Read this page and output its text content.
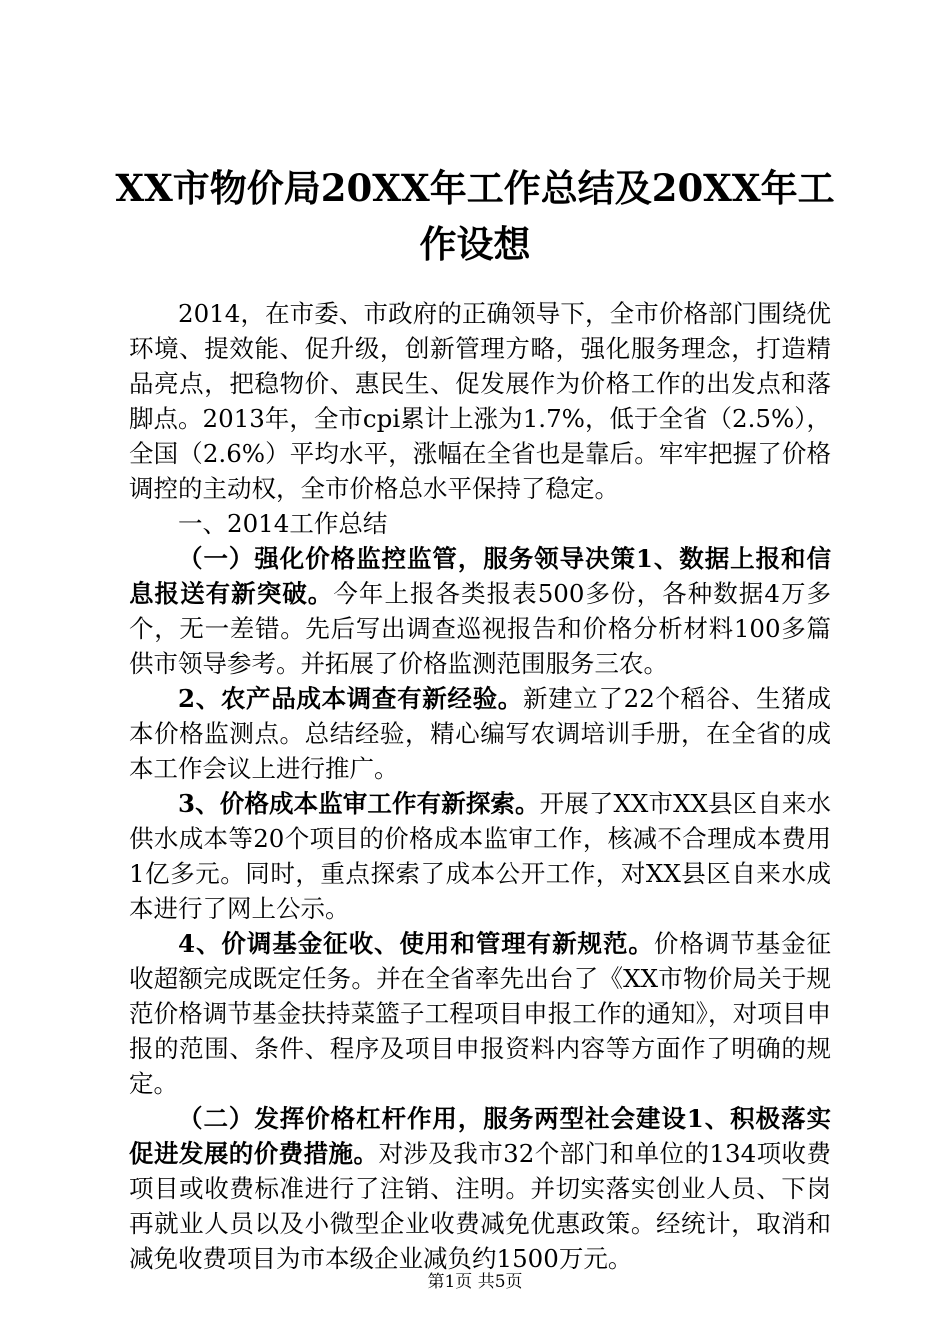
XX市物价局20XX年工作总结及20XX年工作设想

2014，在市委、市政府的正确领导下，全市价格部门围绕优环境、提效能、促升级，创新管理方略，强化服务理念，打造精品亮点，把稳物价、惠民生、促发展作为价格工作的出发点和落脚点。2013年，全市cpi累计上涨为1.7%，低于全省（2.5%），全国（2.6%）平均水平，涨幅在全省也是靠后。牢牢把握了价格调控的主动权，全市价格总水平保持了稳定。

一、2014工作总结

（一）强化价格监控监管，服务领导决策1、数据上报和信息报送有新突破。今年上报各类报表500多份，各种数据4万多个，无一差错。先后写出调查巡视报告和价格分析材料100多篇供市领导参考。并拓展了价格监测范围服务三农。

2、农产品成本调查有新经验。新建立了22个稻谷、生猪成本价格监测点。总结经验，精心编写农调培训手册，在全省的成本工作会议上进行推广。

3、价格成本监审工作有新探索。开展了XX市XX县区自来水供水成本等20个项目的价格成本监审工作，核减不合理成本费用1亿多元。同时，重点探索了成本公开工作，对XX县区自来水成本进行了网上公示。

4、价调基金征收、使用和管理有新规范。价格调节基金征收超额完成既定任务。并在全省率先出台了《XX市物价局关于规范价格调节基金扶持菜篮子工程项目申报工作的通知》，对项目申报的范围、条件、程序及项目申报资料内容等方面作了明确的规定。

（二）发挥价格杠杆作用，服务两型社会建设1、积极落实促进发展的价费措施。对涉及我市32个部门和单位的134项收费项目或收费标准进行了注销、注明。并切实落实创业人员、下岗再就业人员以及小微型企业收费减免优惠政策。经统计，取消和减免收费项目为市本级企业减负约1500万元。

第1页 共5页
